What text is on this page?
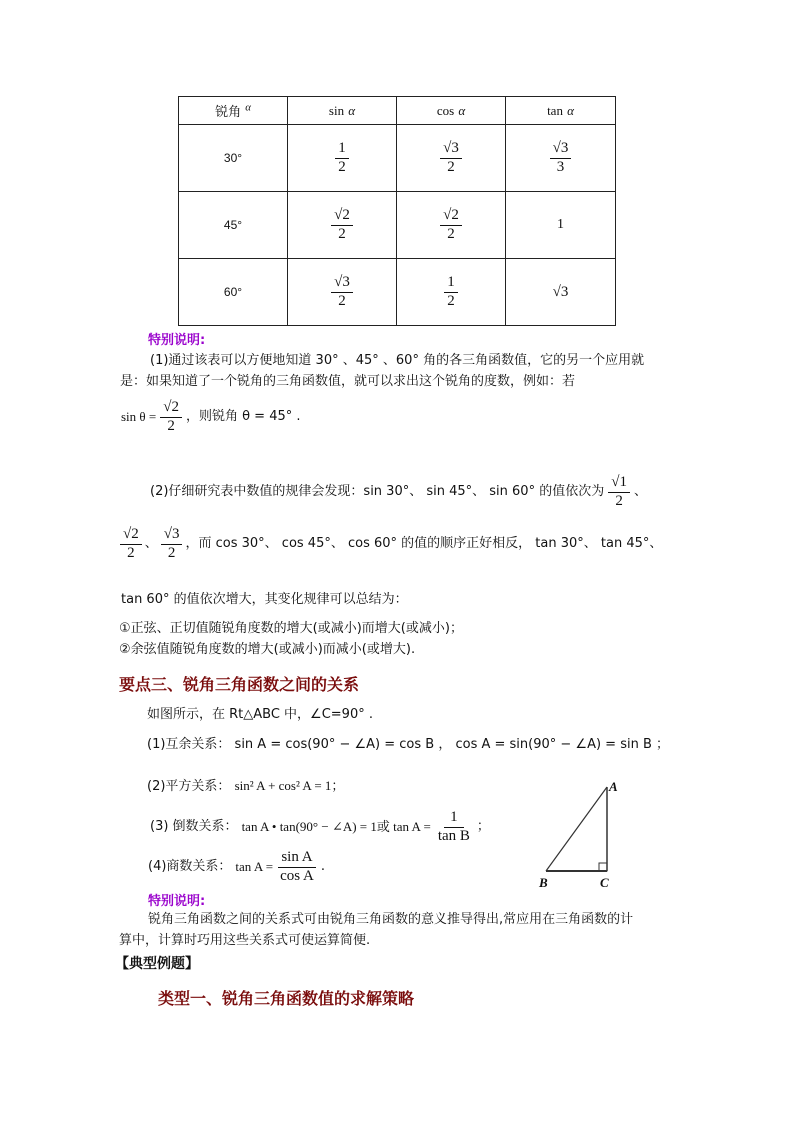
锐角 $^\alpha$	sin α	cos α	tan α
30°	$\frac{1}{2}$	$\frac{√3}{2}$	$\frac{√3}{3}$

45°	$\frac{√2}{2}$	$\frac{√2}{2}$	1
60°	$\frac{√3}{2}$	$\frac{1}{2}$	√3
特别说明:
(1)通过该表可以方便地知道 30° 、45° 、60° 角的各三角函数值，它的另一个应用就
是：如果知道了一个锐角的三角函数值，就可以求出这个锐角的度数，例如：若
$\sin \theta = \frac{√2}{2}$ ，则锐角 θ = 45° .
(2)仔细研究表中数值的规律会发现：sin 30°、 sin 45°、 sin 60° 的值依次为 $\frac{√1}{2}$ 、
$\frac{√2}{2}$ 、 $\frac{√3}{2}$ ，而 cos 30°、 cos 45°、 cos 60° 的值的顺序正好相反， tan 30°、 tan 45°、
tan 60° 的值依次增大，其变化规律可以总结为：
①正弦、正切值随锐角度数的增大(或减小)而增大(或减小)；
②余弦值随锐角度数的增大(或减小)而减小(或增大).
要点三、锐角三角函数之间的关系
如图所示，在 Rt△ABC 中，∠C=90° .
(1)互余关系： sin A = cos(90° − ∠A) = cos B ， cos A = sin(90° − ∠A) = sin B ；
(2)平方关系： sin² A + cos² A = 1；
(3) 倒数关系： tan A • tan(90° − ∠A) = 1或 $\tan A = \frac{1}{\text{tan B}}$ ；
(4)商数关系： $\tan A = \frac{\text{sin A}}{\text{cos A}}$ .
A
B	C
特别说明:
锐角三角函数之间的关系式可由锐角三角函数的意义推导得出,常应用在三角函数的计
算中，计算时巧用这些关系式可使运算简便.
【典型例题】
类型一、锐角三角函数值的求解策略
